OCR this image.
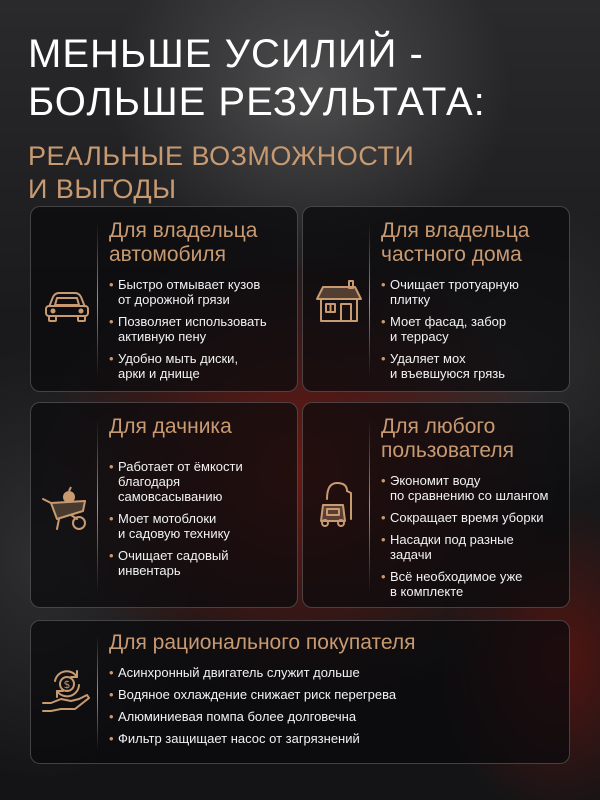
МЕНЬШЕ УСИЛИЙ -
БОЛЬШЕ РЕЗУЛЬТАТА:
РЕАЛЬНЫЕ ВОЗМОЖНОСТИ
И ВЫГОДЫ
Для владельца
автомобиля
• Быстро отмывает кузов
от дорожной грязи
• Позволяет использовать
активную пену
• Удобно мыть диски,
арки и днище
Для владельца
частного дома
• Очищает тротуарную
плитку
• Моет фасад, забор
и террасу
• Удаляет мох
и въевшуюся грязь
Для дачника
• Работает от ёмкости
благодаря
самовсасыванию
• Моет мотоблоки
и садовую технику
• Очищает садовый
инвентарь
Для любого
пользователя
• Экономит воду
по сравнению со шлангом
• Сокращает время уборки
• Насадки под разные
задачи
• Всё необходимое уже
в комплекте
$
Для рационального покупателя
• Асинхронный двигатель служит дольше
• Водяное охлаждение снижает риск перегрева
• Алюминиевая помпа более долговечна
• Фильтр защищает насос от загрязнений
